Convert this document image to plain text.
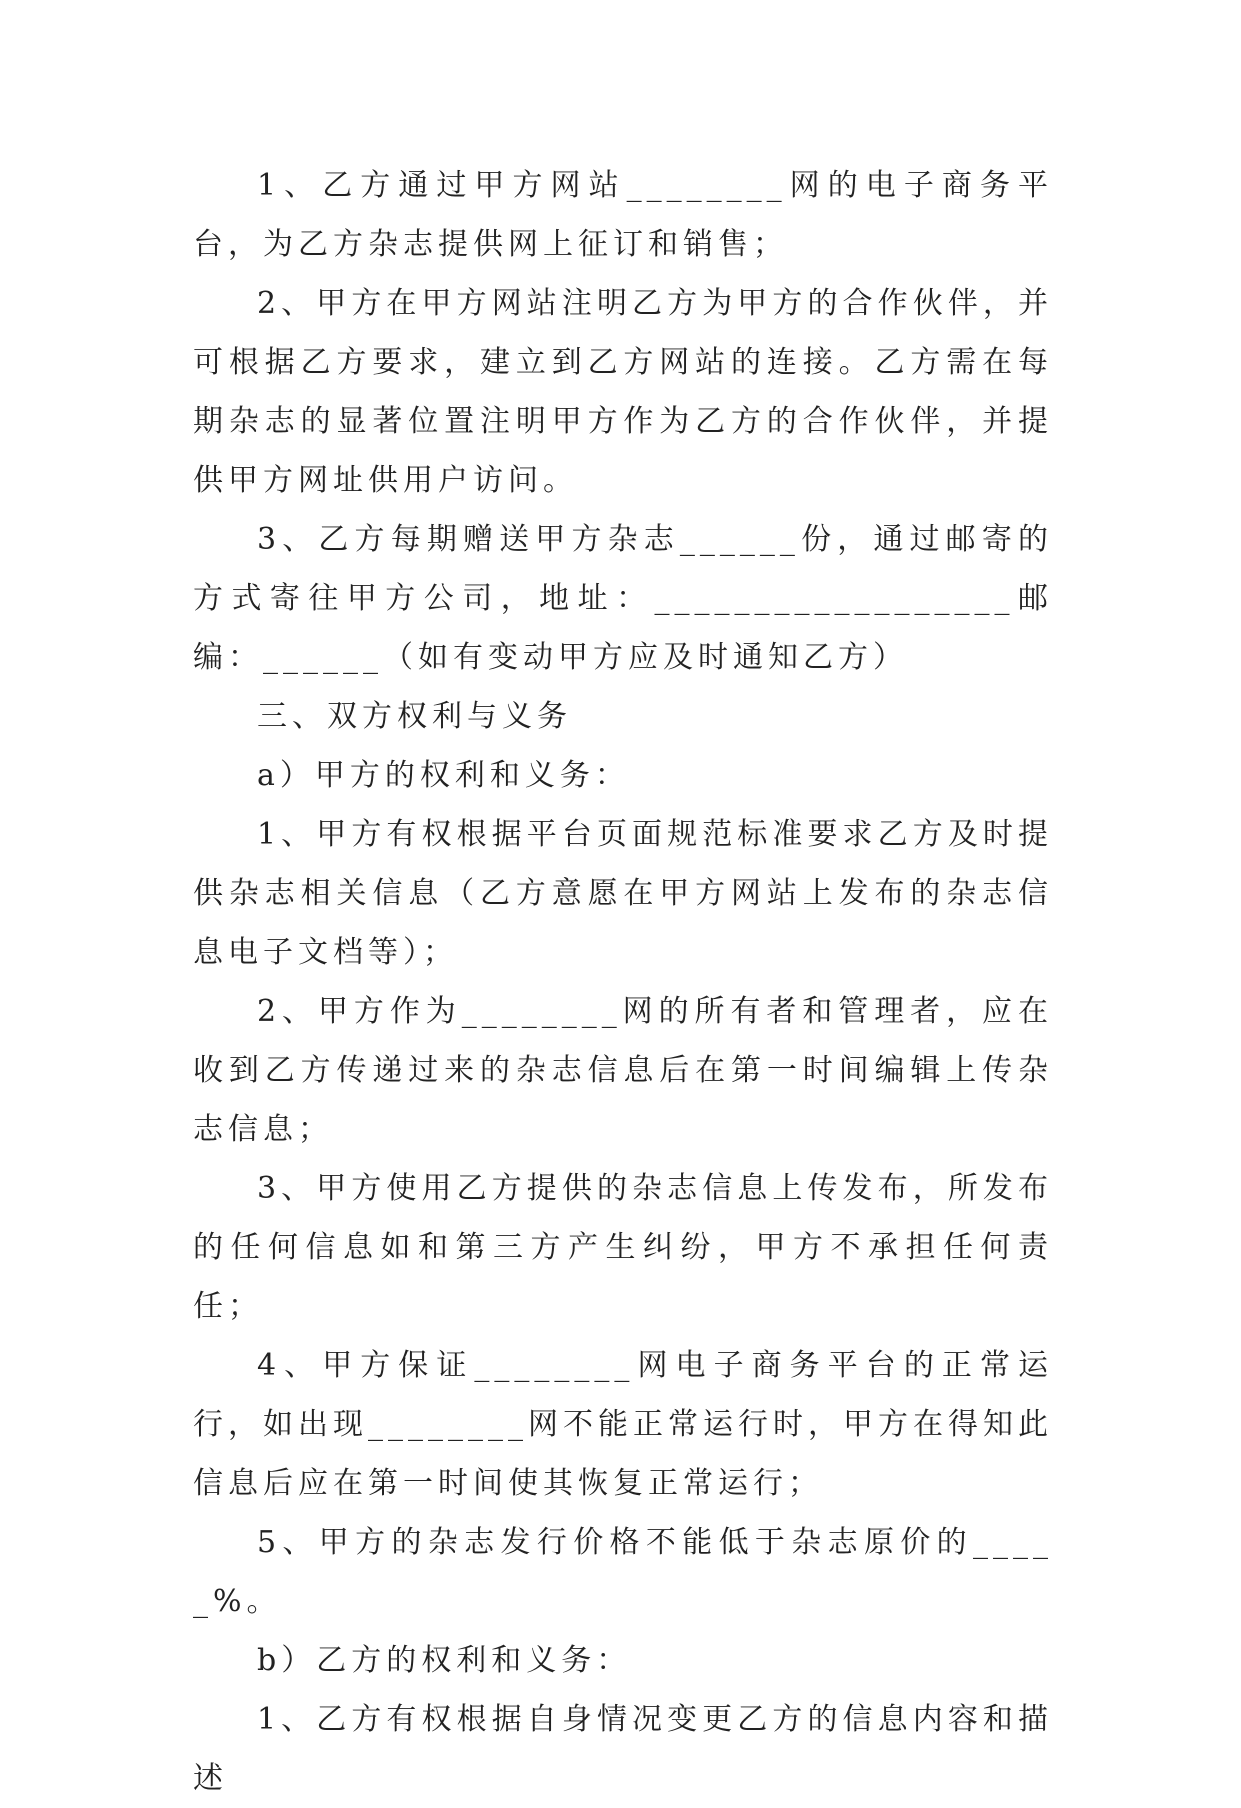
1、乙方通过甲方网站________网的电子商务平台，为乙方杂志提供网上征订和销售；

2、甲方在甲方网站注明乙方为甲方的合作伙伴，并可根据乙方要求，建立到乙方网站的连接。乙方需在每期杂志的显著位置注明甲方作为乙方的合作伙伴，并提供甲方网址供用户访问。

3、乙方每期赠送甲方杂志______份，通过邮寄的方式寄往甲方公司，地址：__________________邮编：______（如有变动甲方应及时通知乙方）

三、双方权利与义务

a）甲方的权利和义务：

1、甲方有权根据平台页面规范标准要求乙方及时提供杂志相关信息（乙方意愿在甲方网站上发布的杂志信息电子文档等）；

2、甲方作为________网的所有者和管理者，应在收到乙方传递过来的杂志信息后在第一时间编辑上传杂志信息；

3、甲方使用乙方提供的杂志信息上传发布，所发布的任何信息如和第三方产生纠纷，甲方不承担任何责任；

4、甲方保证________网电子商务平台的正常运行，如出现________网不能正常运行时，甲方在得知此信息后应在第一时间使其恢复正常运行；

5、甲方的杂志发行价格不能低于杂志原价的_____%。

b）乙方的权利和义务：

1、乙方有权根据自身情况变更乙方的信息内容和描述
